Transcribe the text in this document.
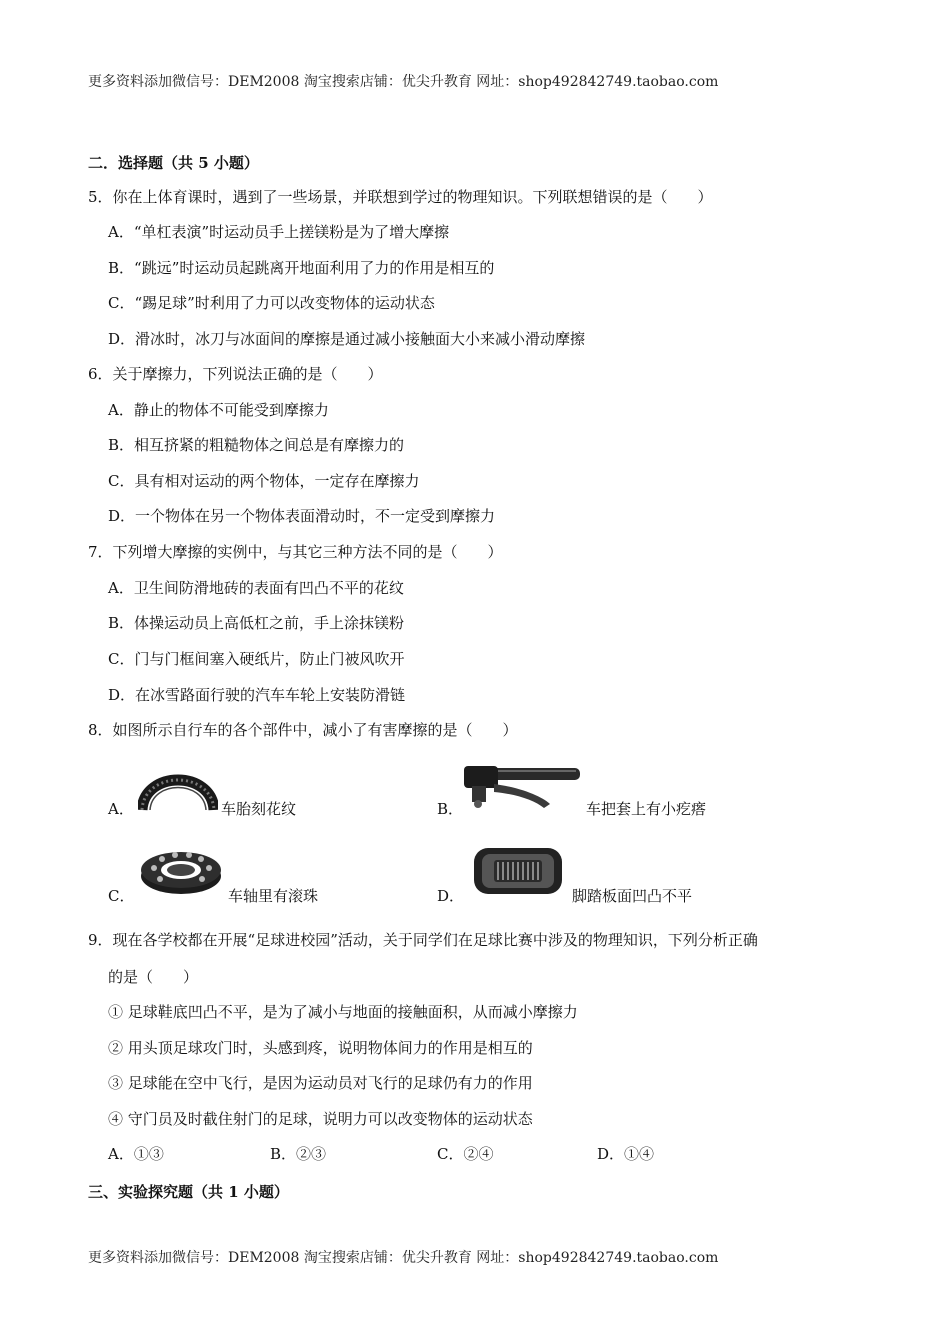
更多资料添加微信号：DEM2008 淘宝搜索店铺：优尖升教育 网址：shop492842749.taobao.com
二．选择题（共 5 小题）
5．你在上体育课时，遇到了一些场景，并联想到学过的物理知识。下列联想错误的是（　　）
A．“单杠表演”时运动员手上搓镁粉是为了增大摩擦
B．“跳远”时运动员起跳离开地面利用了力的作用是相互的
C．“踢足球”时利用了力可以改变物体的运动状态
D．滑冰时，冰刀与冰面间的摩擦是通过减小接触面大小来减小滑动摩擦
6．关于摩擦力，下列说法正确的是（　　）
A．静止的物体不可能受到摩擦力
B．相互挤紧的粗糙物体之间总是有摩擦力的
C．具有相对运动的两个物体，一定存在摩擦力
D．一个物体在另一个物体表面滑动时，不一定受到摩擦力
7．下列增大摩擦的实例中，与其它三种方法不同的是（　　）
A．卫生间防滑地砖的表面有凹凸不平的花纹
B．体操运动员上高低杠之前，手上涂抹镁粉
C．门与门框间塞入硬纸片，防止门被风吹开
D．在冰雪路面行驶的汽车车轮上安装防滑链
8．如图所示自行车的各个部件中，减小了有害摩擦的是（　　）
A．	车胎刻花纹	B．	车把套上有小疙瘩
C．	车轴里有滚珠	D．	脚踏板面凹凸不平
9．现在各学校都在开展“足球进校园”活动，关于同学们在足球比赛中涉及的物理知识，下列分析正确
的是（　　）
① 足球鞋底凹凸不平，是为了减小与地面的接触面积，从而减小摩擦力
② 用头顶足球攻门时，头感到疼，说明物体间力的作用是相互的
③ 足球能在空中飞行，是因为运动员对飞行的足球仍有力的作用
④ 守门员及时截住射门的足球，说明力可以改变物体的运动状态
A．①③	B．②③	C．②④	D．①④
三、实验探究题（共 1 小题）
更多资料添加微信号：DEM2008 淘宝搜索店铺：优尖升教育 网址：shop492842749.taobao.com
